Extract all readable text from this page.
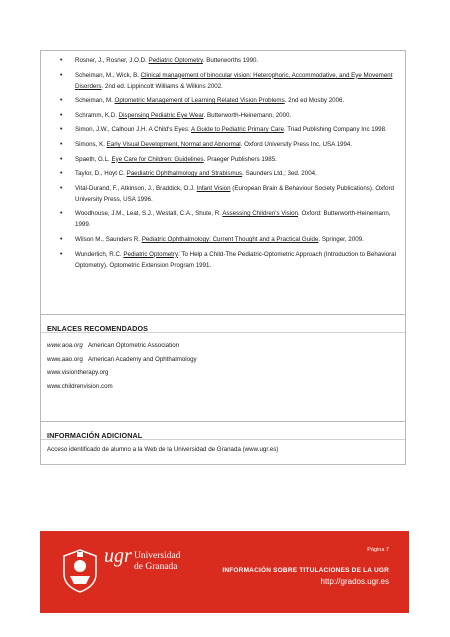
• Rosner, J., Rosner, J.O.D. Pediatric Optometry. Butterworths 1990.
• Scheiman, M., Wick, B. Clinical management of binocular vision: Heterophoric, Accommodative, and Eye Movement Disorders. 2nd ed. Lippincott Williams & Wilkins 2002.
• Scheiman, M. Optometric Management of Learning Related Vision Problems. 2nd ed Mosby 2006.
• Schramm, K.D. Dispensing Pediatric Eye Wear. Butterworth-Heinemann, 2000.
• Simon, J.W., Calhoun J.H. A Child's Eyes: A Guide to Pediatric Primary Care. Triad Publishing Company Inc 1998.
• Simons, K. Early Visual Development, Normal and Abnormal. Oxford University Press Inc, USA 1994.
• Spaeth, G.L. Eye Care for Children: Guidelines. Praeger Publishers 1985.
• Taylor, D., Hoyt C. Paediatric Ophthalmology and Strabismus. Saunders Ltd.; 3ed. 2004.
• Vital-Durand, F., Atkinson, J., Braddick, O.J. Infant Vision (European Brain & Behaviour Society Publications). Oxford University Press, USA 1996.
• Woodhouse, J.M., Leat, S.J., Westall, C.A., Shute, R. Assessing Children's Vision. Oxford: Butterworth-Heinemann, 1999.
• Wilson M., Saunders R. Pediatric Ophthalmology: Current Thought and a Practical Guide. Springer, 2009.
• Wunderlich, R.C. Pediatric Optometry: To Help a Child-The Pediatric-Optometric Approach (Introduction to Behavioral Optometry). Optometric Extension Program 1991.
ENLACES RECOMENDADOS
www.aoa.org American Optometric Association
www.aao.org American Academy and Ophthalmology
www.visiontherapy.org
www.childrenvision.com
INFORMACIÓN ADICIONAL
Acceso identificado de alumno a la Web de la Universidad de Granada (www.ugr.es)
ugr Universidad
de Granada
Página 7
INFORMACIÓN SOBRE TITULACIONES DE LA UGR
http://grados.ugr.es
